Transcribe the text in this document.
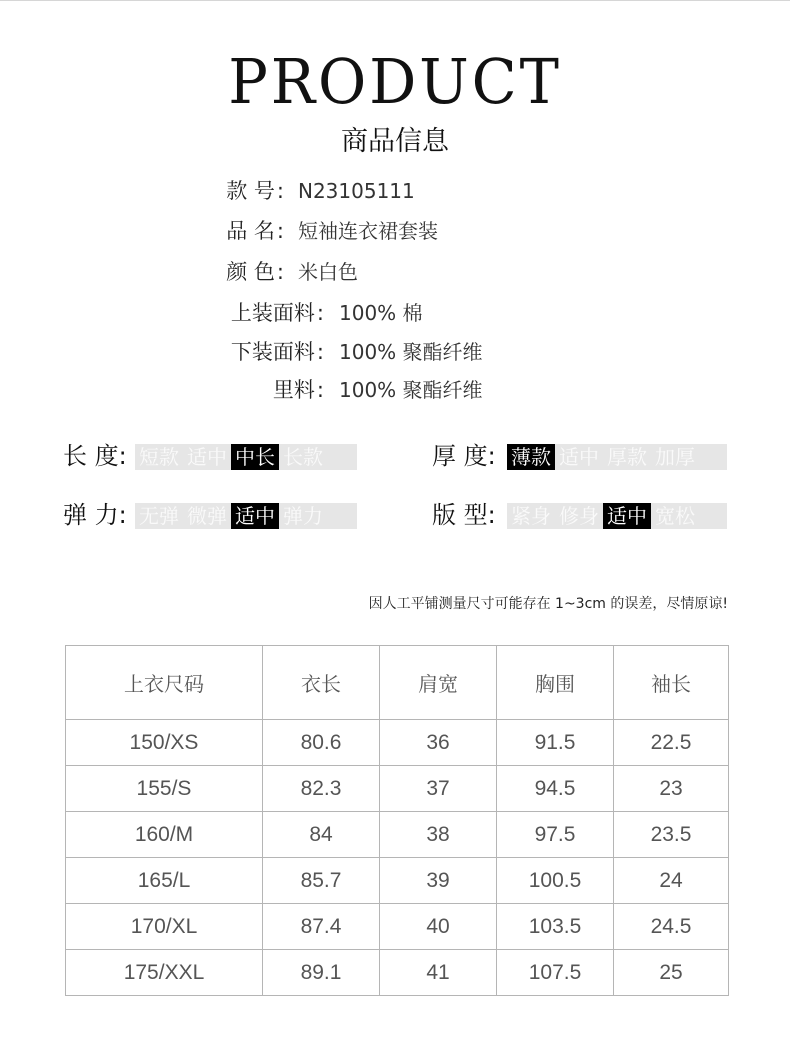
PRODUCT
商品信息
款 号: N23105111
品 名: 短袖连衣裙套装
颜 色: 米白色
上装面料: 100% 棉
下装面料: 100% 聚酯纤维
里料: 100% 聚酯纤维
长 度: 短款 适中 中长 长款	厚 度: 薄款 适中 厚款 加厚
弹 力: 无弹 微弹 适中 弹力	版 型: 紧身 修身 适中 宽松
因人工平铺测量尺寸可能存在 1~3cm 的误差，尽情原谅!
上衣尺码	衣长	肩宽	胸围	袖长
150/XS	80.6	36	91.5	22.5
155/S	82.3	37	94.5	23
160/M	84	38	97.5	23.5
165/L	85.7	39	100.5	24
170/XL	87.4	40	103.5	24.5
175/XXL	89.1	41	107.5	25
